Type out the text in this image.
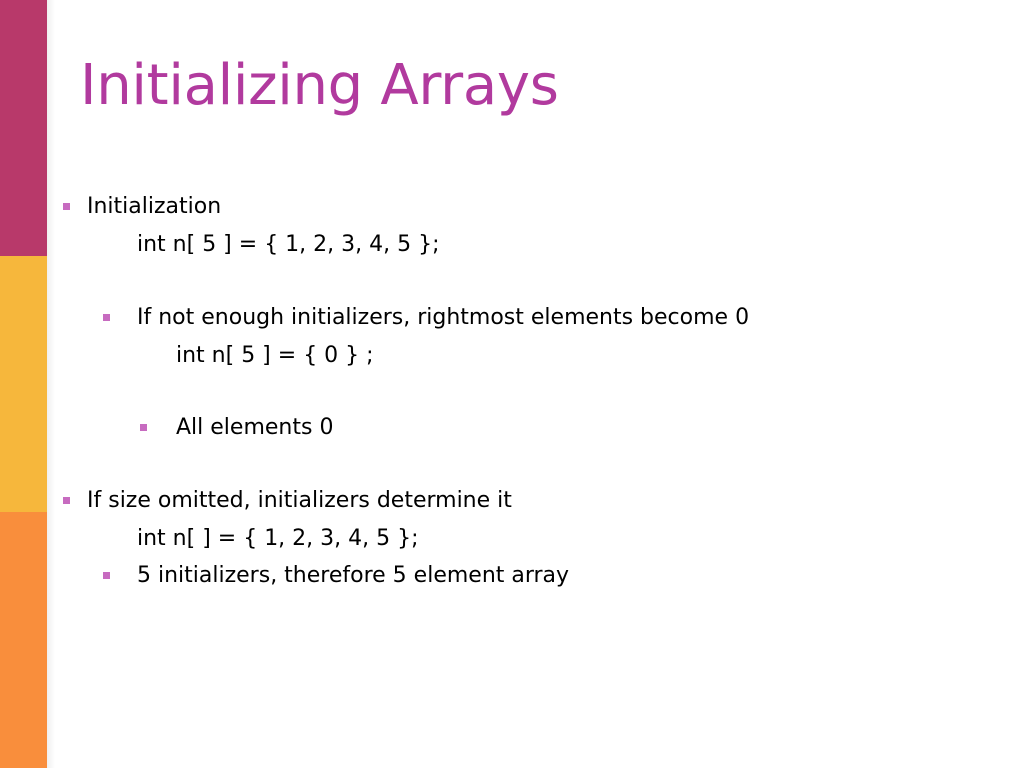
Initializing Arrays
Initialization
int n[ 5 ] = { 1, 2, 3, 4, 5 };
If not enough initializers, rightmost elements become 0
int n[ 5 ] = { 0 } ;
All elements 0
If size omitted, initializers determine it
int n[ ] = { 1, 2, 3, 4, 5 };
5 initializers, therefore 5 element array
